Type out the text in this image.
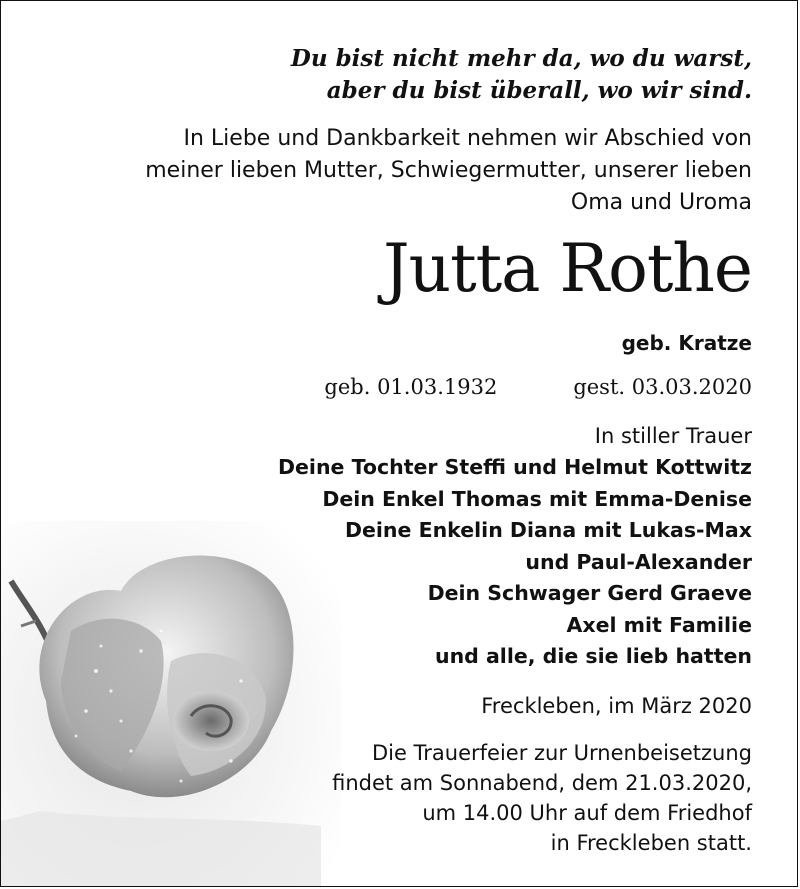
Du bist nicht mehr da, wo du warst,
aber du bist überall, wo wir sind.
In Liebe und Dankbarkeit nehmen wir Abschied von
meiner lieben Mutter, Schwiegermutter, unserer lieben
Oma und Uroma
Jutta Rothe
geb. Kratze
geb. 01.03.1932	gest. 03.03.2020
In stiller Trauer
Deine Tochter Steffi und Helmut Kottwitz
Dein Enkel Thomas mit Emma-Denise
Deine Enkelin Diana mit Lukas-Max
und Paul-Alexander
Dein Schwager Gerd Graeve
Axel mit Familie
und alle, die sie lieb hatten
Freckleben, im März 2020
Die Trauerfeier zur Urnenbeisetzung
findet am Sonnabend, dem 21.03.2020,
um 14.00 Uhr auf dem Friedhof
in Freckleben statt.
